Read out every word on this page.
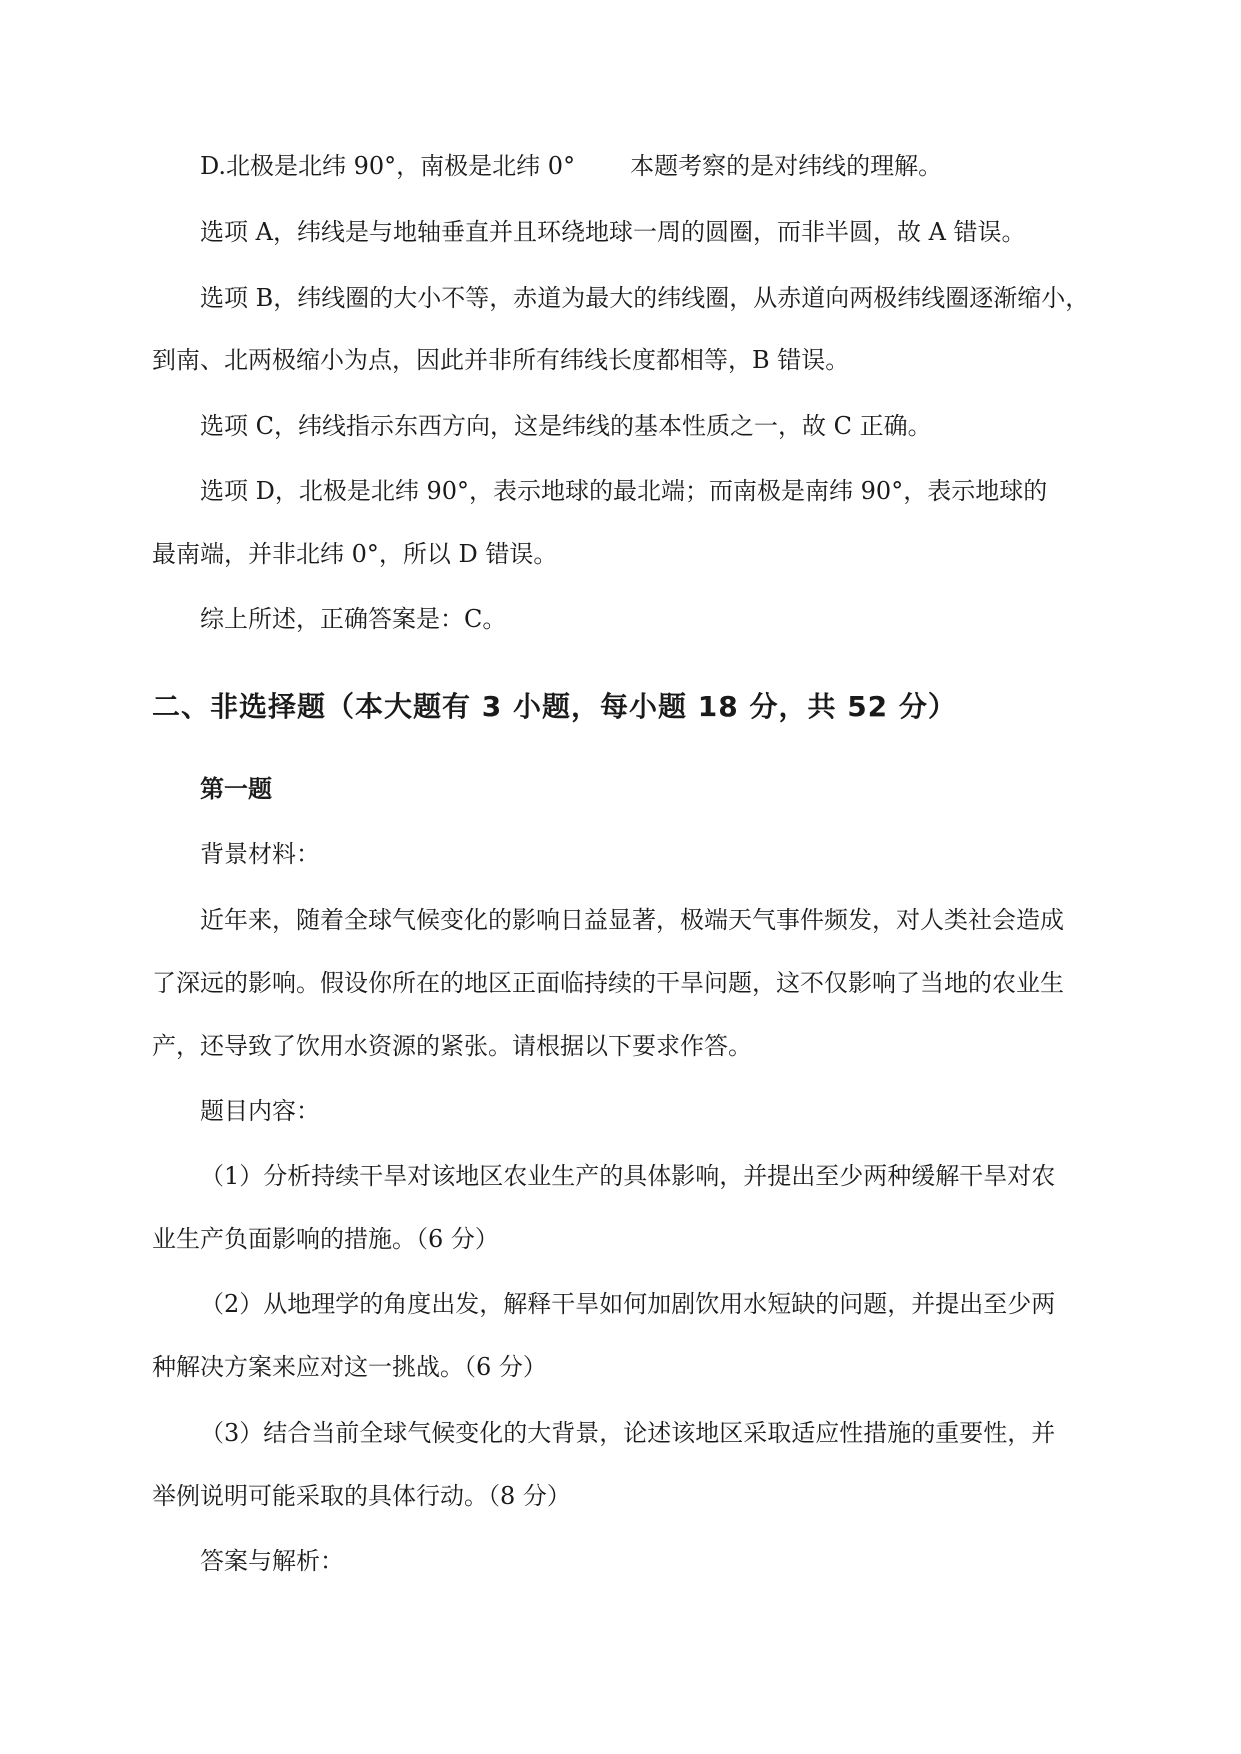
D.北极是北纬 90°，南极是北纬 0° 本题考察的是对纬线的理解。
选项 A，纬线是与地轴垂直并且环绕地球一周的圆圈，而非半圆，故 A 错误。
选项 B，纬线圈的大小不等，赤道为最大的纬线圈，从赤道向两极纬线圈逐渐缩小，
到南、北两极缩小为点，因此并非所有纬线长度都相等，B 错误。
选项 C，纬线指示东西方向，这是纬线的基本性质之一，故 C 正确。
选项 D，北极是北纬 90°，表示地球的最北端；而南极是南纬 90°，表示地球的
最南端，并非北纬 0°，所以 D 错误。
综上所述，正确答案是：C。
二、非选择题（本大题有 3 小题，每小题 18 分，共 52 分）
第一题
背景材料：
近年来，随着全球气候变化的影响日益显著，极端天气事件频发，对人类社会造成
了深远的影响。假设你所在的地区正面临持续的干旱问题，这不仅影响了当地的农业生
产，还导致了饮用水资源的紧张。请根据以下要求作答。
题目内容：
（1）分析持续干旱对该地区农业生产的具体影响，并提出至少两种缓解干旱对农
业生产负面影响的措施。（6 分）
（2）从地理学的角度出发，解释干旱如何加剧饮用水短缺的问题，并提出至少两
种解决方案来应对这一挑战。（6 分）
（3）结合当前全球气候变化的大背景，论述该地区采取适应性措施的重要性，并
举例说明可能采取的具体行动。（8 分）
答案与解析：
